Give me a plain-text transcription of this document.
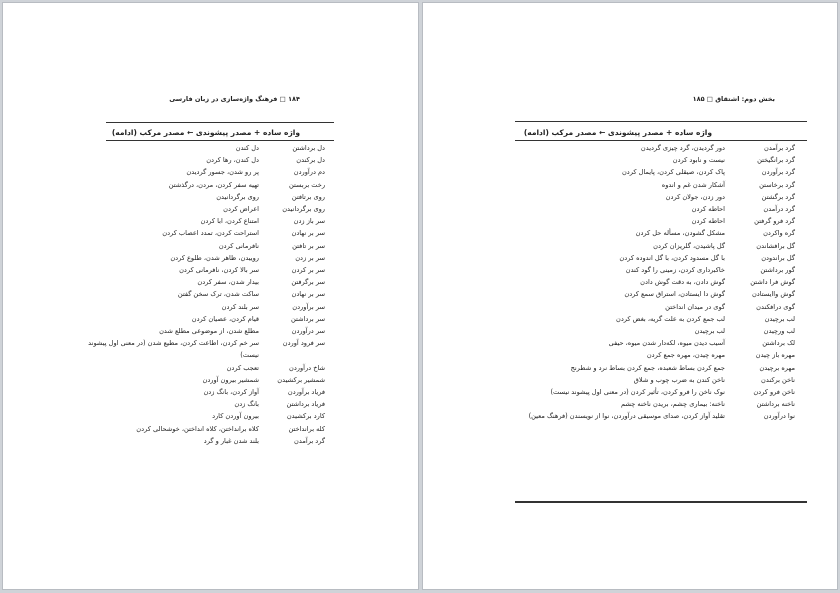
۱۸۴ □ فرهنگ واژه‌سازی در زبان فارسی
واژه ساده + مصدر پیشوندی ← مصدر مرکب (ادامه)
دل برداشتن
دل کندن
دل برکندن
دل کندن، رها کردن
دم درآوردن
پر رو شدن، جسور گردیدن
رخت بربستن
تهیه سفر کردن، مردن، درگذشتن
روی برتافتن
روی برگردانیدن
روی برگردانیدن
اعراض کردن
سر باز زدن
امتناع کردن، ابا کردن
سر بر نهادن
استراحت کردن، تمدد اعصاب کردن
سر بر تافتن
نافرمانی کردن
سر بر زدن
روییدن، ظاهر شدن، طلوع کردن
سر بر کردن
سر بالا کردن، نافرمانی کردن
سر برگرفتن
بیدار شدن، سفر کردن
سر بر نهادن
ساکت شدن، ترک سخن گفتن
سر برآوردن
سر بلند کردن
سر برداشتن
قیام کردن، عصیان کردن
سر درآوردن
مطلع شدن، از موضوعی مطلع شدن
سر فرود آوردن
سر خم کردن، اطاعت کردن، مطیع شدن (در معنی اول پیشوند نیست)
شاخ درآوردن
تعجب کردن
شمشیر برکشیدن
شمشیر بیرون آوردن
فریاد برآوردن
آواز کردن، بانگ زدن
فریاد برداشتن
بانگ زدن
کارد برکشیدن
بیرون آوردن کارد
کله برانداختن
کلاه برانداختن، کلاه انداختن، خوشحالی کردن
گرد برآمدن
بلند شدن غبار و گرد
بخش دوم: اشتقاق □ ۱۸۵
واژه ساده + مصدر پیشوندی ← مصدر مرکب (ادامه)
گرد برآمدن
دور گردیدن، گرد چیزی گردیدن
گرد برانگیختن
نیست و نابود کردن
گرد برآوردن
پاک کردن، صیقلی کردن، پایمال کردن
گرد برخاستن
آشکار شدن غم و اندوه
گرد برگشتن
دور زدن، جولان کردن
گرد درآمدن
احاطه کردن
گرد فرو گرفتن
احاطه کردن
گره واکردن
مشکل گشودن، مسأله حل کردن
گل برافشاندن
گل پاشیدن، گلریزان کردن
گل براندودن
با گل مسدود کردن، با گل اندوده کردن
گور برداشتن
خاکبرداری کردن، زمینی را گود کندن
گوش فرا داشتن
گوش دادن، به دقت گوش دادن
گوش واایستادن
گوش دا ایستادن، استراق سمع کردن
گوی درافکندن
گوی در میدان انداختن
لب برچیدن
لب جمع کردن به علت گریه، بغض کردن
لب ورچیدن
لب برچیدن
لک برداشتن
آسیب دیدن میوه، لکه‌دار شدن میوه، حیفی
مهره باز چیدن
مهره چیدن، مهره جمع کردن
مهره برچیدن
جمع کردن بساط شعبده، جمع کردن بساط نرد و شطرنج
ناخن برکندن
ناخن کندن به ضرب چوب و شلاق
ناخن فرو کردن
نوک ناخن را فرو کردن، تأثیر کردن (در معنی اول پیشوند نیست)
ناخنه برداشتن
ناخنه: بیماری چشم، بریدن ناخنه چشم
نوا درآوردن
تقلید آواز کردن، صدای موسیقی درآوردن، نوا از نویسندن (فرهنگ معین)
